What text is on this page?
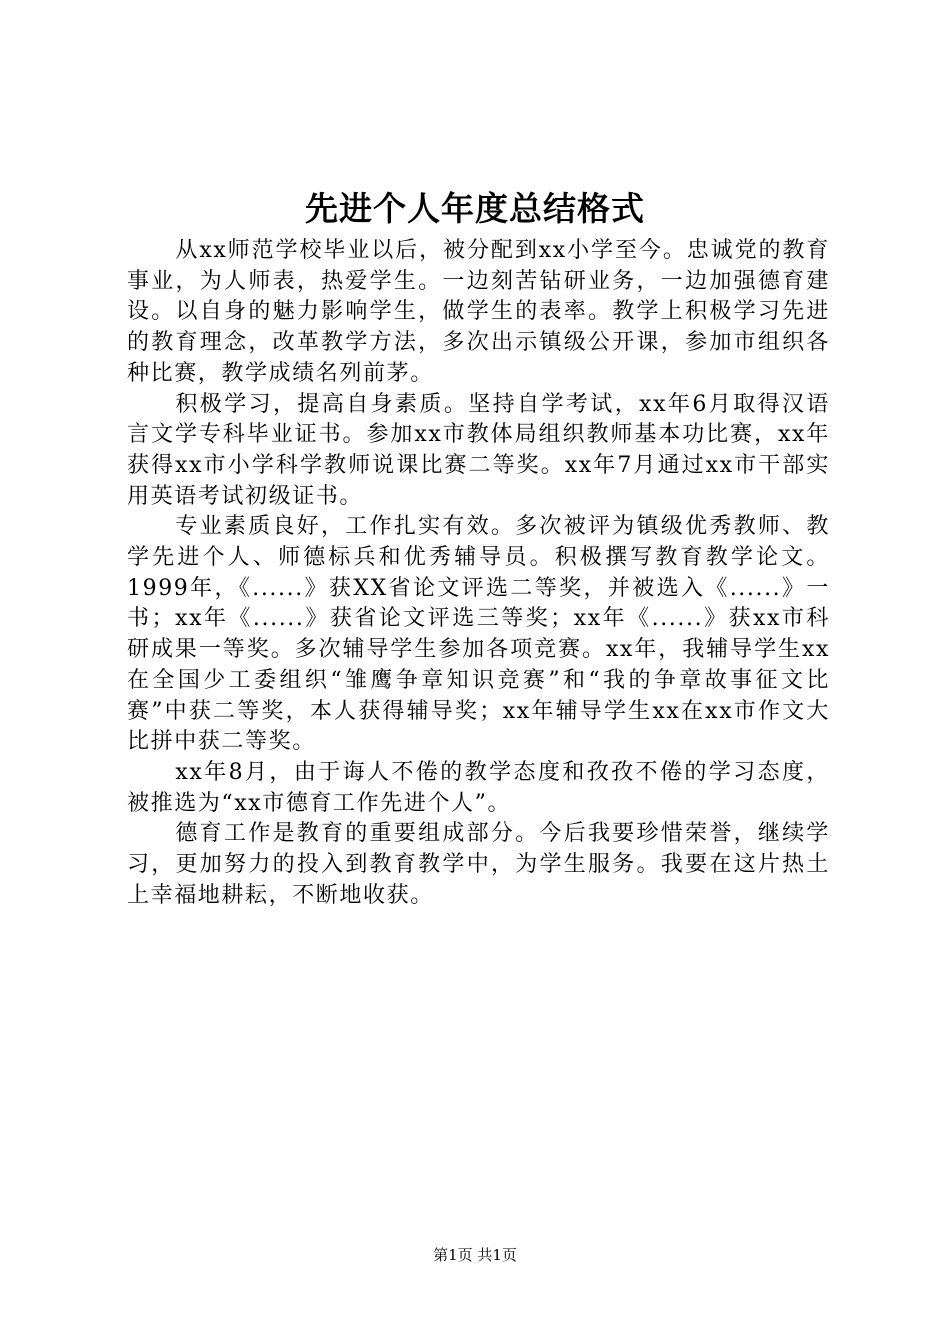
先进个人年度总结格式

从xx师范学校毕业以后，被分配到xx小学至今。忠诚党的教育事业，为人师表，热爱学生。一边刻苦钻研业务，一边加强德育建设。以自身的魅力影响学生，做学生的表率。教学上积极学习先进的教育理念，改革教学方法，多次出示镇级公开课，参加市组织各种比赛，教学成绩名列前茅。

积极学习，提高自身素质。坚持自学考试，xx年6月取得汉语言文学专科毕业证书。参加xx市教体局组织教师基本功比赛，xx年获得xx市小学科学教师说课比赛二等奖。xx年7月通过xx市干部实用英语考试初级证书。

专业素质良好，工作扎实有效。多次被评为镇级优秀教师、教学先进个人、师德标兵和优秀辅导员。积极撰写教育教学论文。1999年，《......》获XX省论文评选二等奖，并被选入《......》一书；xx年《......》获省论文评选三等奖；xx年《......》获xx市科研成果一等奖。多次辅导学生参加各项竞赛。xx年，我辅导学生xx在全国少工委组织“雏鹰争章知识竞赛”和“我的争章故事征文比赛”中获二等奖，本人获得辅导奖；xx年辅导学生xx在xx市作文大比拼中获二等奖。

xx年8月，由于诲人不倦的教学态度和孜孜不倦的学习态度，被推选为“xx市德育工作先进个人”。

德育工作是教育的重要组成部分。今后我要珍惜荣誉，继续学习，更加努力的投入到教育教学中，为学生服务。我要在这片热土上幸福地耕耘，不断地收获。

第1页 共1页
